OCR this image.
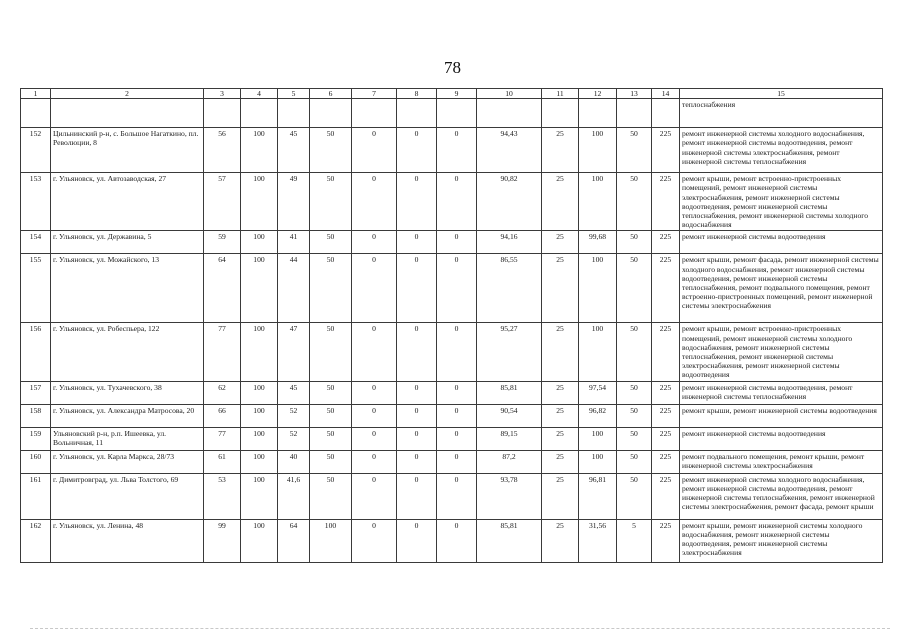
78
1	2	3	4	5	6	7	8	9	10	11	12	13	14	15
														теплоснабжения
152	Цильнинский р-н, с. Большое Нагаткино, пл. Революции, 8	56	100	45	50	0	0	0	94,43	25	100	50	225	ремонт инженерной системы холодного водоснабжения, ремонт инженерной системы водоотведения, ремонт инженерной системы электроснабжения, ремонт инженерной системы теплоснабжения
153	г. Ульяновск, ул. Автозаводская, 27	57	100	49	50	0	0	0	90,82	25	100	50	225	ремонт крыши, ремонт встроенно-пристроенных помещений, ремонт инженерной системы электроснабжения, ремонт инженерной системы водоотведения, ремонт инженерной системы теплоснабжения, ремонт инженерной системы холодного водоснабжения
154	г. Ульяновск, ул. Державина, 5	59	100	41	50	0	0	0	94,16	25	99,68	50	225	ремонт инженерной системы водоотведения
155	г. Ульяновск, ул. Можайского, 13	64	100	44	50	0	0	0	86,55	25	100	50	225	ремонт крыши, ремонт фасада, ремонт инженерной системы холодного водоснабжения, ремонт инженерной системы водоотведения, ремонт инженерной системы теплоснабжения, ремонт подвального помещения, ремонт встроенно-пристроенных помещений, ремонт инженерной системы электроснабжения
156	г. Ульяновск, ул. Робеспьера, 122	77	100	47	50	0	0	0	95,27	25	100	50	225	ремонт крыши, ремонт встроенно-пристроенных помещений, ремонт инженерной системы холодного водоснабжения, ремонт инженерной системы теплоснабжения, ремонт инженерной системы электроснабжения, ремонт инженерной системы водоотведения
157	г. Ульяновск, ул. Тухачевского, 38	62	100	45	50	0	0	0	85,81	25	97,54	50	225	ремонт инженерной системы водоотведения, ремонт инженерной системы теплоснабжения
158	г. Ульяновск, ул. Александра Матросова, 20	66	100	52	50	0	0	0	90,54	25	96,82	50	225	ремонт крыши, ремонт инженерной системы водоотведения
159	Ульяновский р-н, р.п. Ишеевка, ул. Вольничная, 11	77	100	52	50	0	0	0	89,15	25	100	50	225	ремонт инженерной системы водоотведения
160	г. Ульяновск, ул. Карла Маркса, 28/73	61	100	40	50	0	0	0	87,2	25	100	50	225	ремонт подвального помещения, ремонт крыши, ремонт инженерной системы электроснабжения
161	г. Димитровград, ул. Льва Толстого, 69	53	100	41,6	50	0	0	0	93,78	25	96,81	50	225	ремонт инженерной системы холодного водоснабжения, ремонт инженерной системы водоотведения, ремонт инженерной системы теплоснабжения, ремонт инженерной системы электроснабжения, ремонт фасада, ремонт крыши
162	г. Ульяновск, ул. Ленина, 48	99	100	64	100	0	0	0	85,81	25	31,56	5	225	ремонт крыши, ремонт инженерной системы холодного водоснабжения, ремонт инженерной системы водоотведения, ремонт инженерной системы электроснабжения
